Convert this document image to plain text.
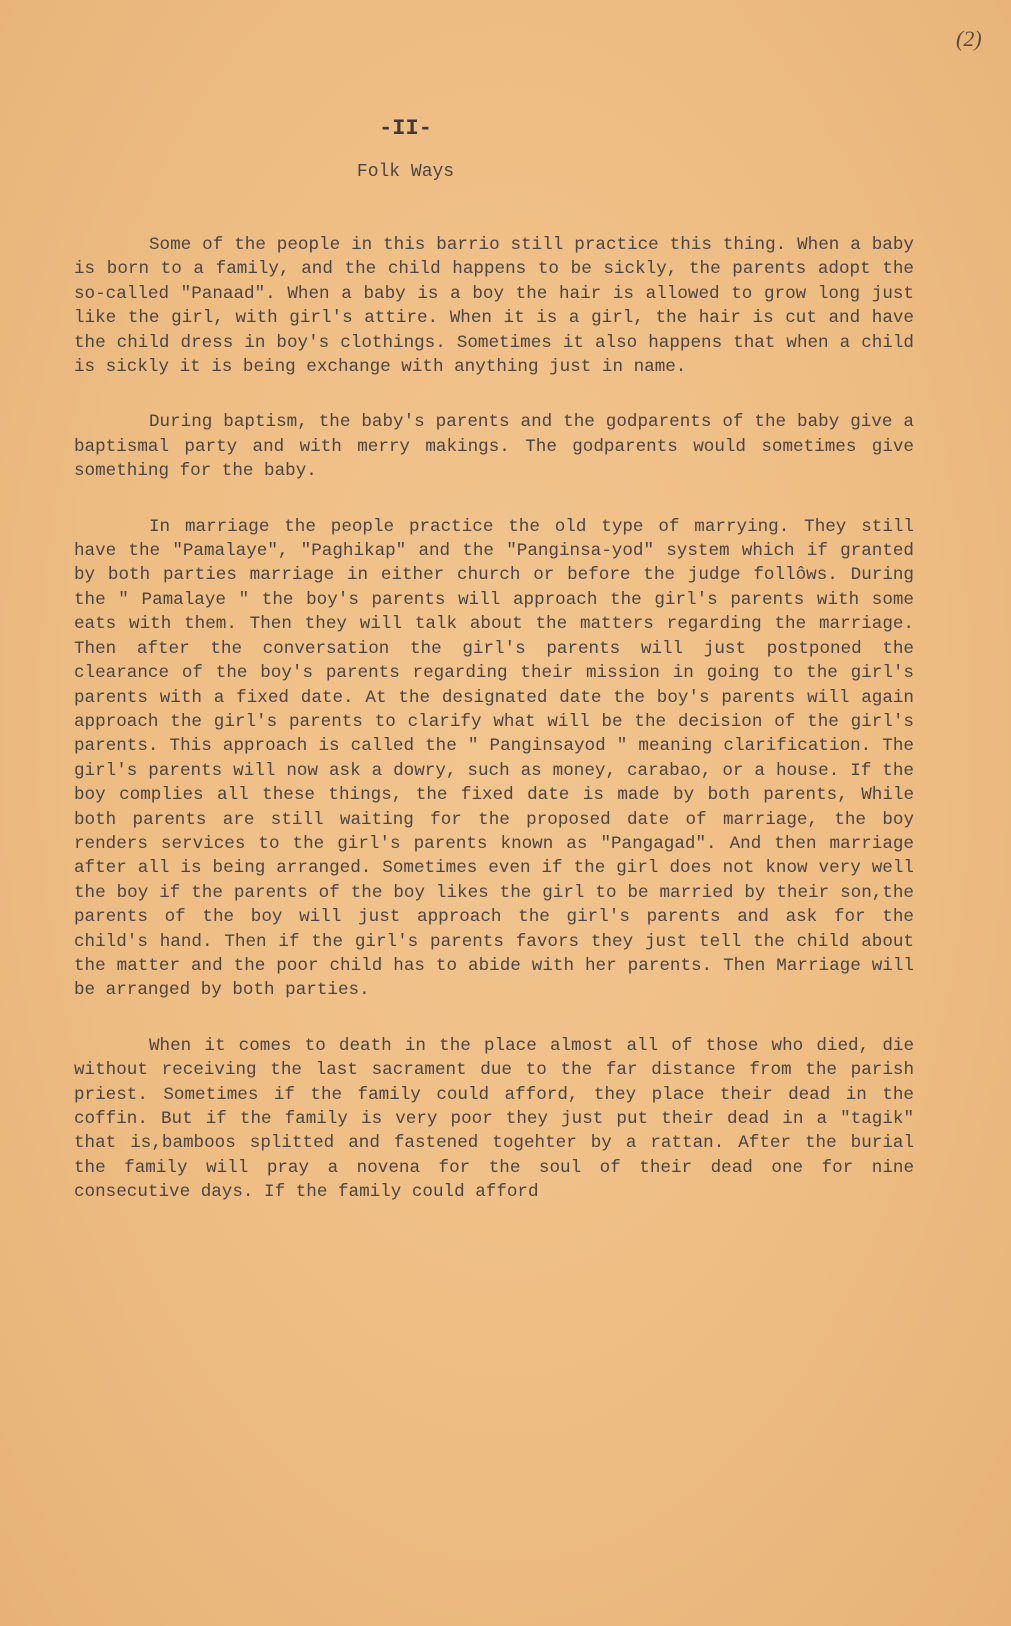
(2)
-II-
Folk Ways

Some of the people in this barrio still practice this thing. When a baby is born to a family, and the child happens to be sickly, the parents adopt the so-called "Panaad". When a baby is a boy the hair is allowed to grow long just like the girl, with girl's attire. When it is a girl, the hair is cut and have the child dress in boy's clothings. Sometimes it also happens that when a child is sickly it is being exchange with anything just in name.

During baptism, the baby's parents and the godparents of the baby give a baptismal party and with merry makings. The godparents would sometimes give something for the baby.

In marriage the people practice the old type of marrying. They still have the "Pamalaye", "Paghikap" and the "Panginsa-yod" system which if granted by both parties marriage in either church or before the judge follôws. During the " Pamalaye " the boy's parents will approach the girl's parents with some eats with them. Then they will talk about the matters regarding the marriage. Then after the conversation the girl's parents will just postponed the clearance of the boy's parents regarding their mission in going to the girl's parents with a fixed date. At the designated date the boy's parents will again approach the girl's parents to clarify what will be the decision of the girl's parents. This approach is called the " Panginsayod " meaning clarification. The girl's parents will now ask a dowry, such as money, carabao, or a house. If the boy complies all these things, the fixed date is made by both parents, While both parents are still waiting for the proposed date of marriage, the boy renders services to the girl's parents known as "Pangagad". And then marriage after all is being arranged. Sometimes even if the girl does not know very well the boy if the parents of the boy likes the girl to be married by their son,the parents of the boy will just approach the girl's parents and ask for the child's hand. Then if the girl's parents favors they just tell the child about the matter and the poor child has to abide with her parents. Then Marriage will be arranged by both parties.

When it comes to death in the place almost all of those who died, die without receiving the last sacrament due to the far distance from the parish priest. Sometimes if the family could afford, they place their dead in the coffin. But if the family is very poor they just put their dead in a "tagik" that is,bamboos splitted and fastened togehter by a rattan. After the burial the family will pray a novena for the soul of their dead one for nine consecutive days. If the family could afford
